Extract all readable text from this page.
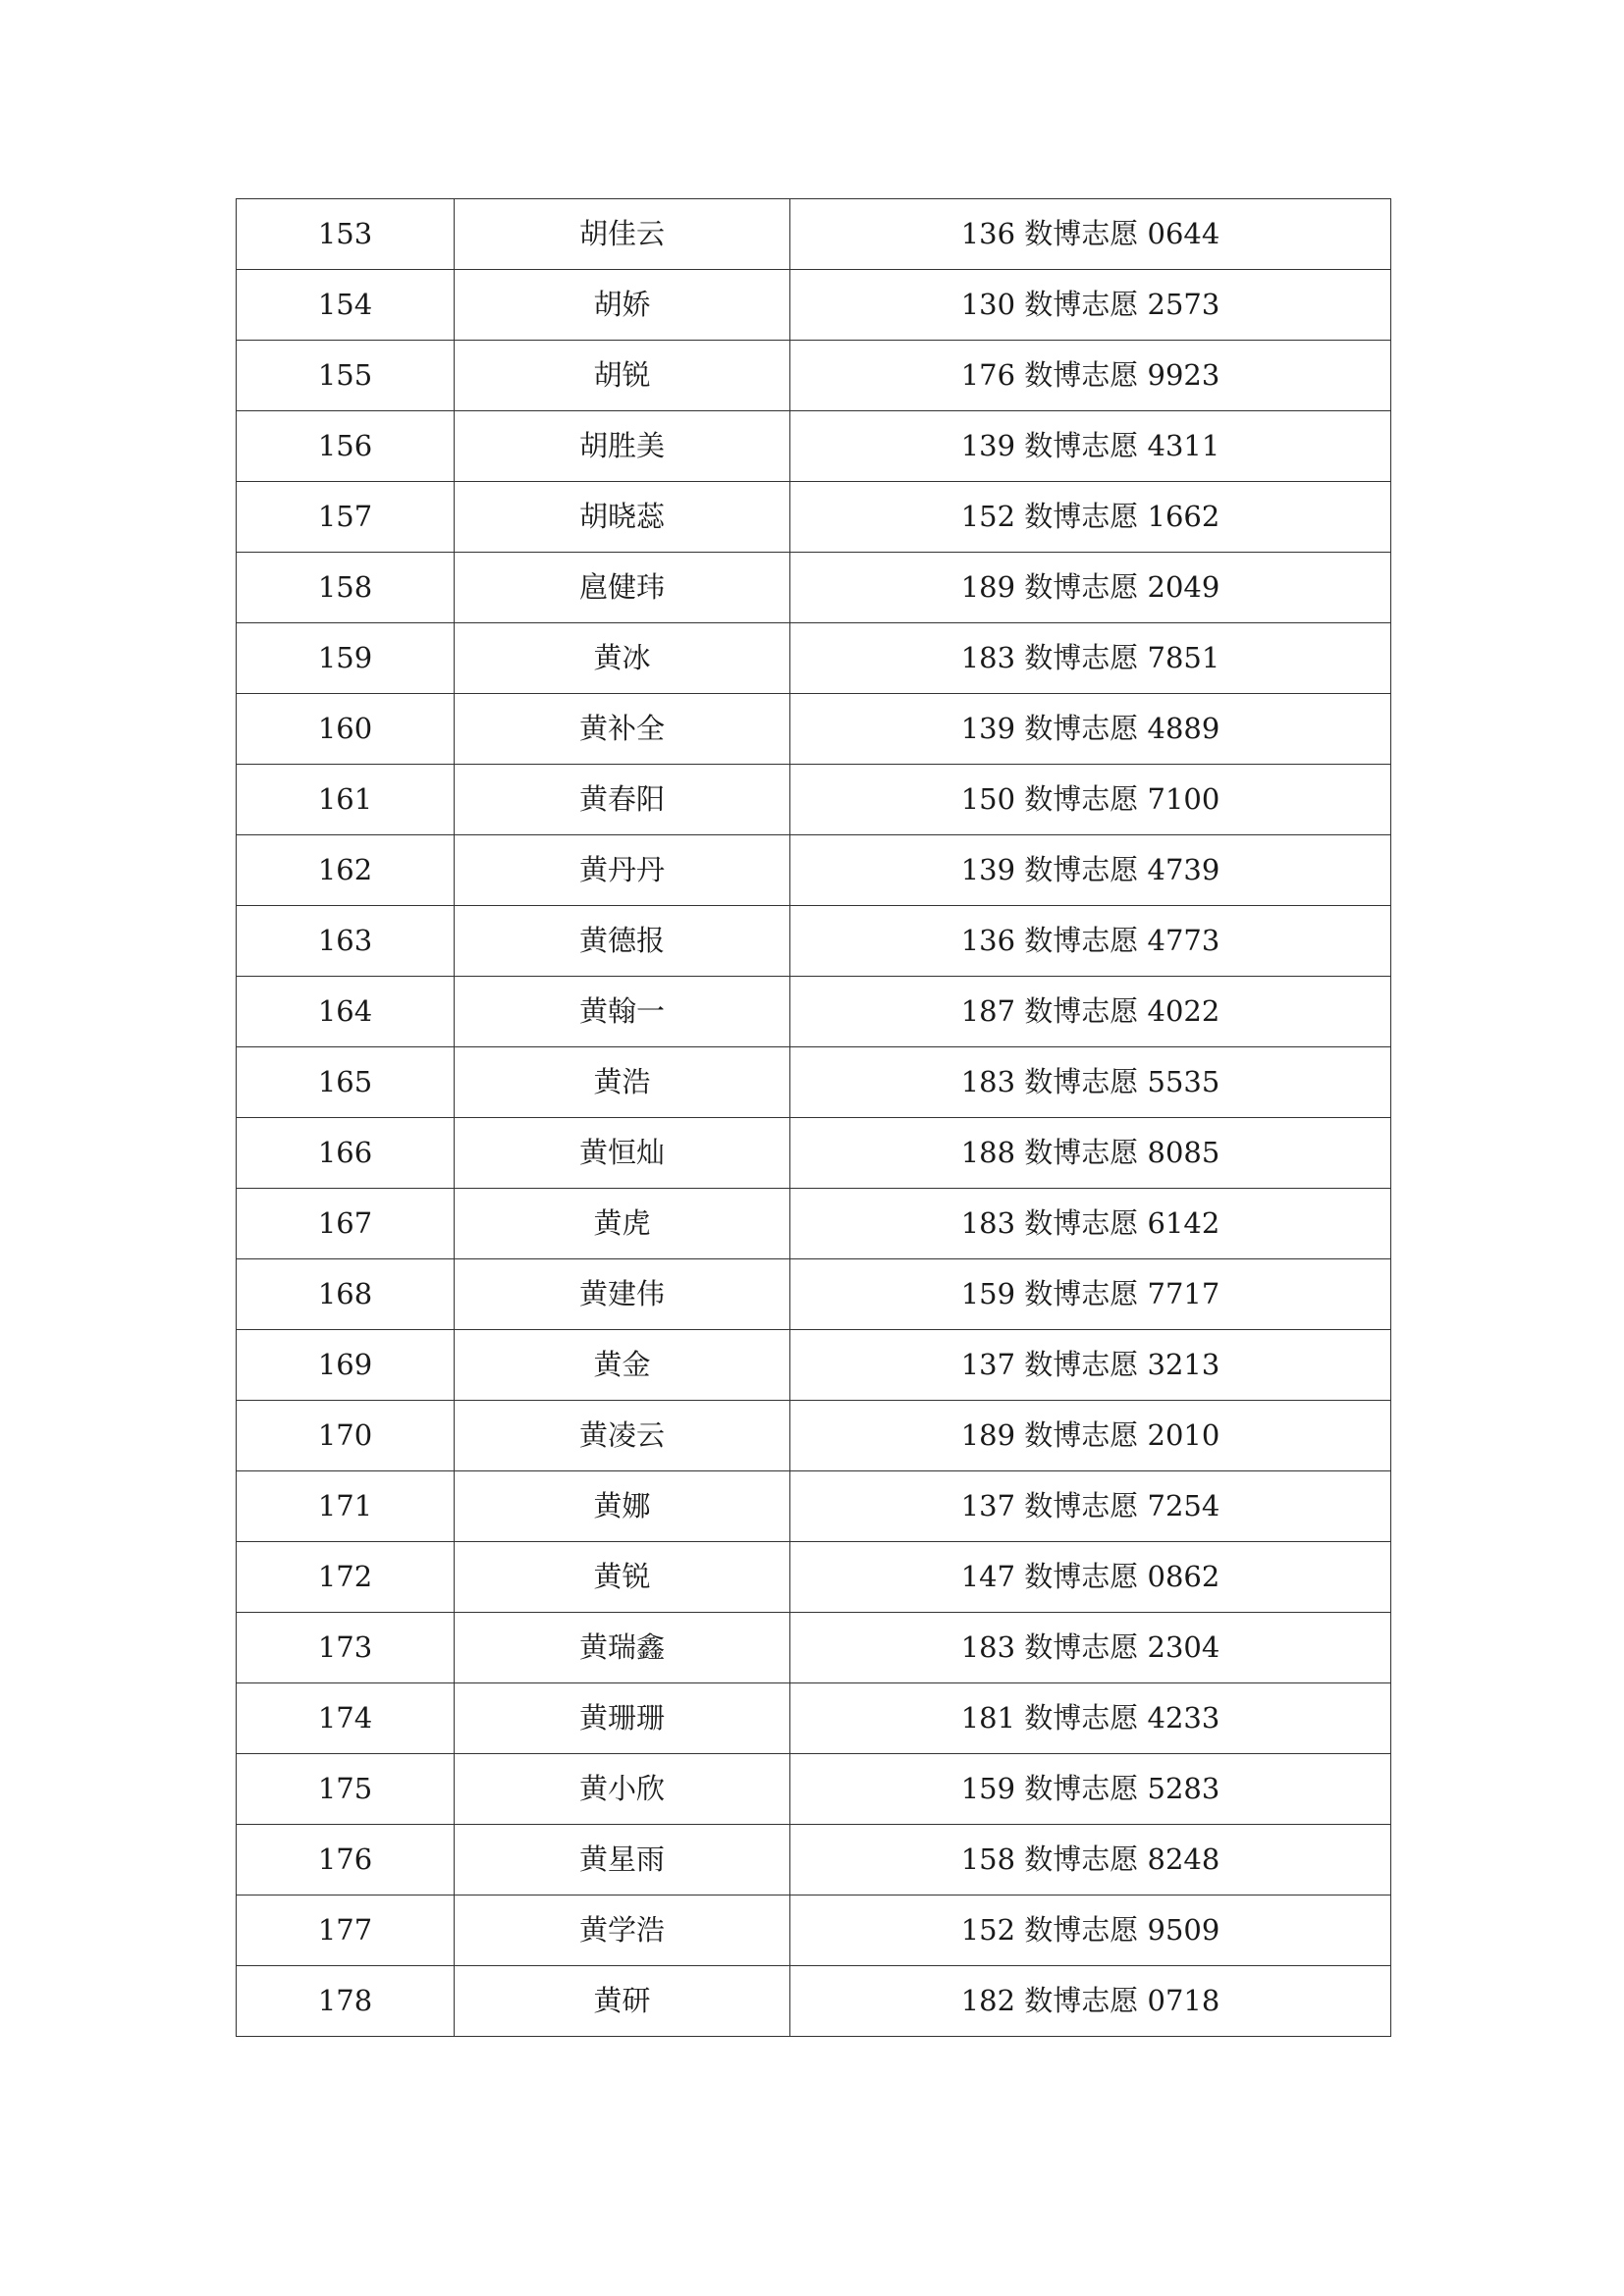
153	胡佳云	136 数博志愿 0644
154	胡娇	130 数博志愿 2573
155	胡锐	176 数博志愿 9923
156	胡胜美	139 数博志愿 4311
157	胡晓蕊	152 数博志愿 1662
158	扈健玮	189 数博志愿 2049
159	黄冰	183 数博志愿 7851
160	黄补全	139 数博志愿 4889
161	黄春阳	150 数博志愿 7100
162	黄丹丹	139 数博志愿 4739
163	黄德报	136 数博志愿 4773
164	黄翰一	187 数博志愿 4022
165	黄浩	183 数博志愿 5535
166	黄恒灿	188 数博志愿 8085
167	黄虎	183 数博志愿 6142
168	黄建伟	159 数博志愿 7717
169	黄金	137 数博志愿 3213
170	黄凌云	189 数博志愿 2010
171	黄娜	137 数博志愿 7254
172	黄锐	147 数博志愿 0862
173	黄瑞鑫	183 数博志愿 2304
174	黄珊珊	181 数博志愿 4233
175	黄小欣	159 数博志愿 5283
176	黄星雨	158 数博志愿 8248
177	黄学浩	152 数博志愿 9509
178	黄研	182 数博志愿 0718
